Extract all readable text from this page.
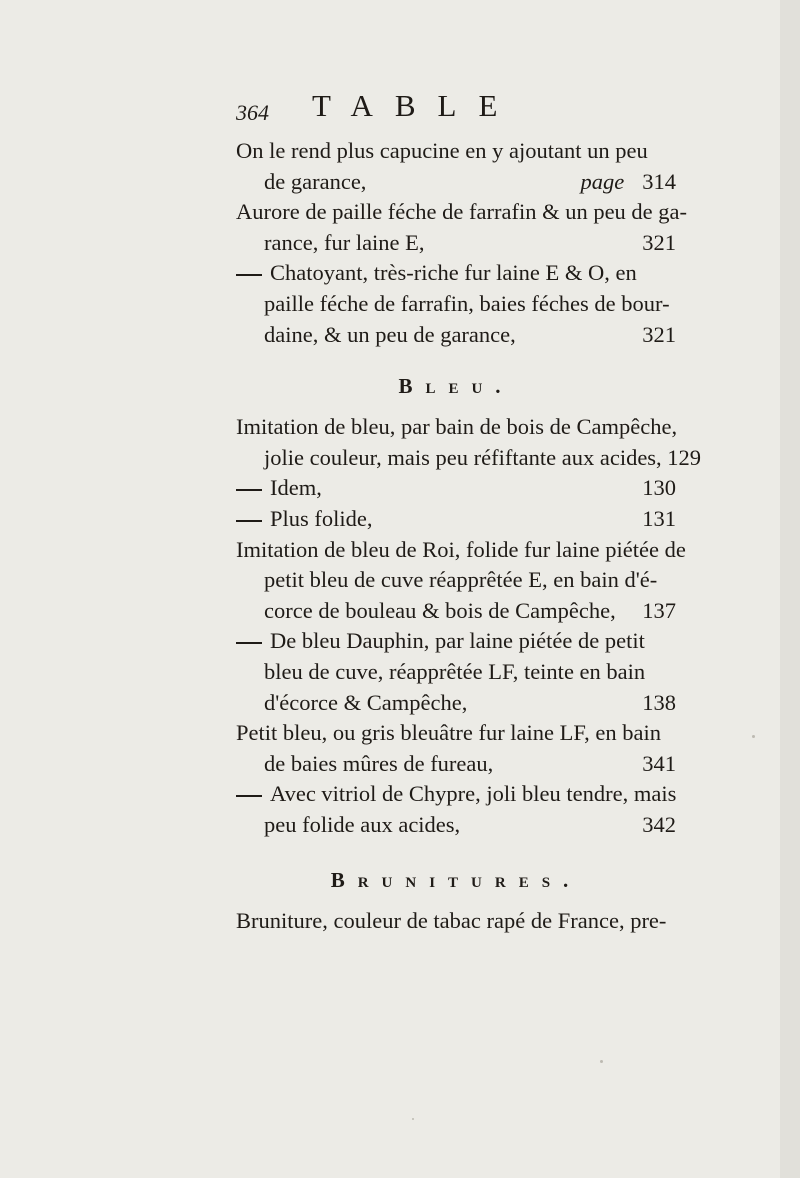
364 TABLE
On le rend plus capucine en y ajoutant un peu
de garance,	page 314
Aurore de paille féche de farrafin & un peu de ga-
rance, fur laine E,	321
Chatoyant, très-riche fur laine E & O, en
paille féche de farrafin, baies féches de bour-
daine, & un peu de garance,	321
Bleu.
Imitation de bleu, par bain de bois de Campêche,
jolie couleur, mais peu réfiftante aux acides, 129
Idem,	130
Plus folide,	131
Imitation de bleu de Roi, folide fur laine piétée de
petit bleu de cuve réapprêtée E, en bain d'é-
corce de bouleau & bois de Campêche, 137
De bleu Dauphin, par laine piétée de petit
bleu de cuve, réapprêtée LF, teinte en bain
d'écorce & Campêche,	138
Petit bleu, ou gris bleuâtre fur laine LF, en bain
de baies mûres de fureau,	341
Avec vitriol de Chypre, joli bleu tendre, mais
peu folide aux acides,	342
Brunitures.
Bruniture, couleur de tabac rapé de France, pre-
